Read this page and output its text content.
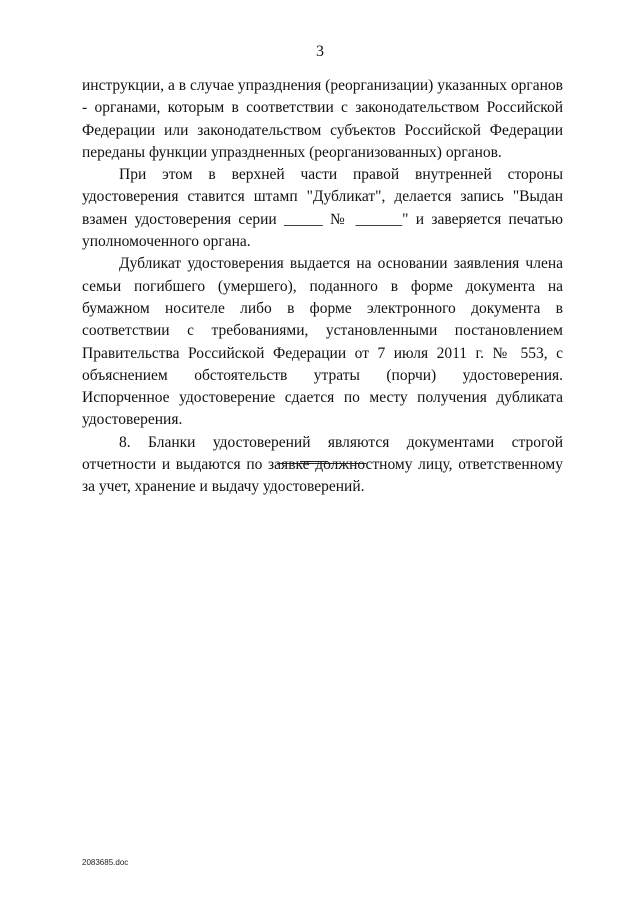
3

инструкции, а в случае упразднения (реорганизации) указанных органов - органами, которым в соответствии с законодательством Российской Федерации или законодательством субъектов Российской Федерации переданы функции упраздненных (реорганизованных) органов.

При этом в верхней части правой внутренней стороны удостоверения ставится штамп "Дубликат", делается запись "Выдан взамен удостоверения серии _____ № ______" и заверяется печатью уполномоченного органа.

Дубликат удостоверения выдается на основании заявления члена семьи погибшего (умершего), поданного в форме документа на бумажном носителе либо в форме электронного документа в соответствии с требованиями, установленными постановлением Правительства Российской Федерации от 7 июля 2011 г. № 553, с объяснением обстоятельств утраты (порчи) удостоверения. Испорченное удостоверение сдается по месту получения дубликата удостоверения.

8. Бланки удостоверений являются документами строгой отчетности и выдаются по заявке должностному лицу, ответственному за учет, хранение и выдачу удостоверений.

2083685.doc
